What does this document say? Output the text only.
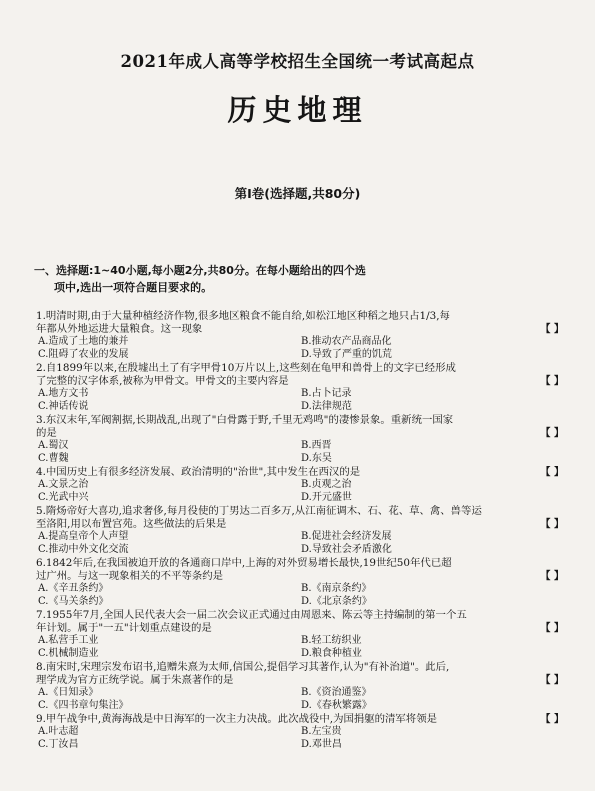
2021年成人高等学校招生全国统一考试高起点
历史地理
第Ⅰ卷(选择题,共80分)
一、选择题:1~40小题,每小题2分,共80分。在每小题给出的四个选
项中,选出一项符合题目要求的。
1.明清时期,由于大量种植经济作物,很多地区粮食不能自给,如松江地区种稻之地只占1/3,每
年都从外地运进大量粮食。这一现象	【 】
A.造成了土地的兼并	B.推动农产品商品化
C.阻碍了农业的发展	D.导致了严重的饥荒
2.自1899年以来,在殷墟出土了有字甲骨10万片以上,这些刻在龟甲和兽骨上的文字已经形成
了完整的汉字体系,被称为甲骨文。甲骨文的主要内容是	【 】
A.地方文书	B.占卜记录
C.神话传说	D.法律规范
3.东汉末年,军阀割据,长期战乱,出现了"白骨露于野,千里无鸡鸣"的凄惨景象。重新统一国家
的是	【 】
A.蜀汉	B.西晋
C.曹魏	D.东吴
4.中国历史上有很多经济发展、政治清明的"治世",其中发生在西汉的是	【 】
A.文景之治	B.贞观之治
C.光武中兴	D.开元盛世
5.隋炀帝好大喜功,追求奢侈,每月役使的丁男达二百多万,从江南征调木、石、花、草、禽、兽等运
至洛阳,用以布置宫苑。这些做法的后果是	【 】
A.提高皇帝个人声望	B.促进社会经济发展
C.推动中外文化交流	D.导致社会矛盾激化
6.1842年后,在我国被迫开放的各通商口岸中,上海的对外贸易增长最快,19世纪50年代已超
过广州。与这一现象相关的不平等条约是	【 】
A.《辛丑条约》	B.《南京条约》
C.《马关条约》	D.《北京条约》
7.1955年7月,全国人民代表大会一届二次会议正式通过由周恩来、陈云等主持编制的第一个五
年计划。属于"一五"计划重点建设的是	【 】
A.私营手工业	B.轻工纺织业
C.机械制造业	D.粮食种植业
8.南宋时,宋理宗发布诏书,追赠朱熹为太师,信国公,提倡学习其著作,认为"有补治道"。此后,
理学成为官方正统学说。属于朱熹著作的是	【 】
A.《日知录》	B.《资治通鉴》
C.《四书章句集注》	D.《春秋繁露》
9.甲午战争中,黄海海战是中日海军的一次主力决战。此次战役中,为国捐躯的清军将领是	【 】
A.叶志超	B.左宝贵
C.丁汝昌	D.邓世昌
